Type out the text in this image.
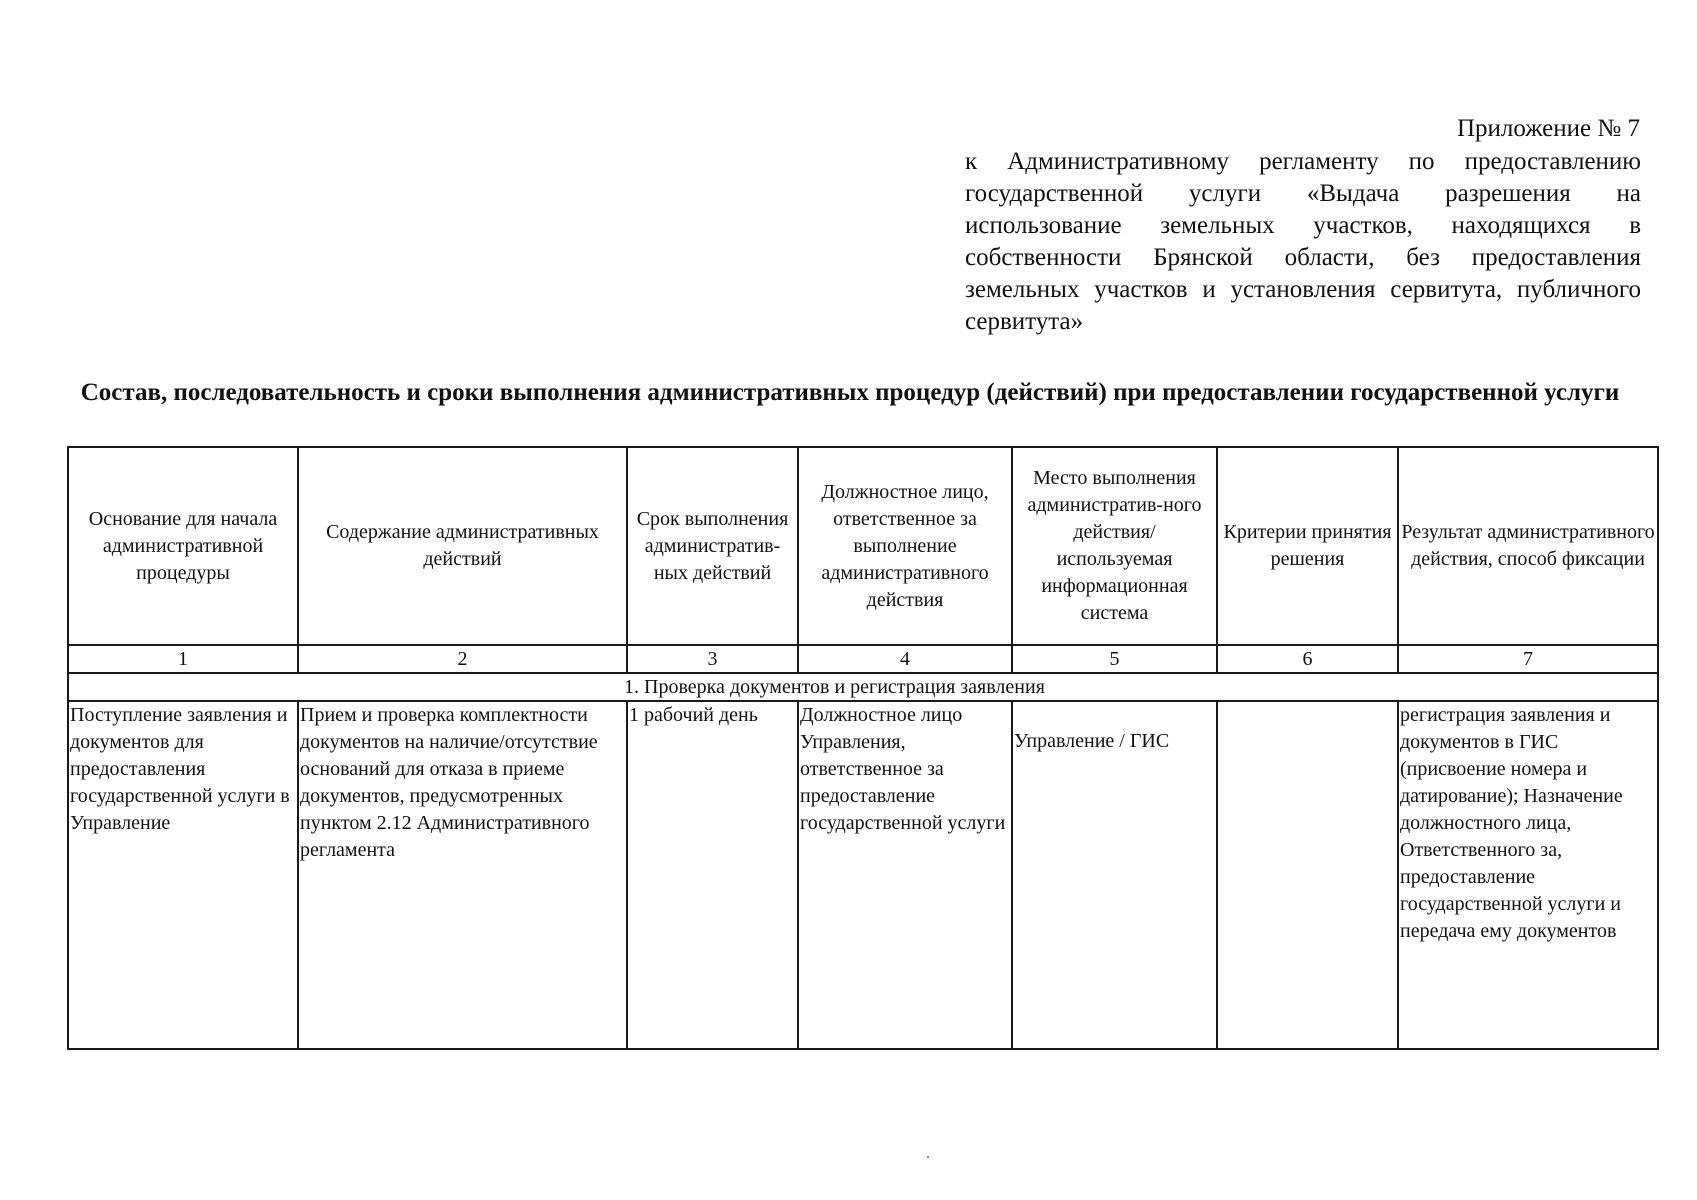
Приложение № 7
к Административному регламенту по предоставлению государственной услуги «Выдача разрешения на использование земельных участков, находящихся в собственности Брянской области, без предоставления земельных участков и установления сервитута, публичного сервитута»
Состав, последовательность и сроки выполнения административных процедур (действий) при предоставлении государственной услуги
Основание для начала административной процедуры	Содержание административных действий	Срок выполнения административ-ных действий	Должностное лицо, ответственное за выполнение административного действия	Место выполнения административ-ного действия/ используемая информационная система	Критерии принятия решения	Результат административного действия, способ фиксации
1	2	3	4	5	6	7
1. Проверка документов и регистрация заявления						
Поступление заявления и документов для предоставления государственной услуги в Управление	Прием и проверка комплектности документов на наличие/отсутствие оснований для отказа в приеме документов, предусмотренных пунктом 2.12 Административного регламента	1 рабочий день	Должностное лицо Управления, ответственное за предоставление государственной услуги	Управление / ГИС		регистрация заявления и документов в ГИС (присвоение номера и датирование); Назначение должностного лица, Ответственного за, предоставление государственной услуги и передача ему документов
